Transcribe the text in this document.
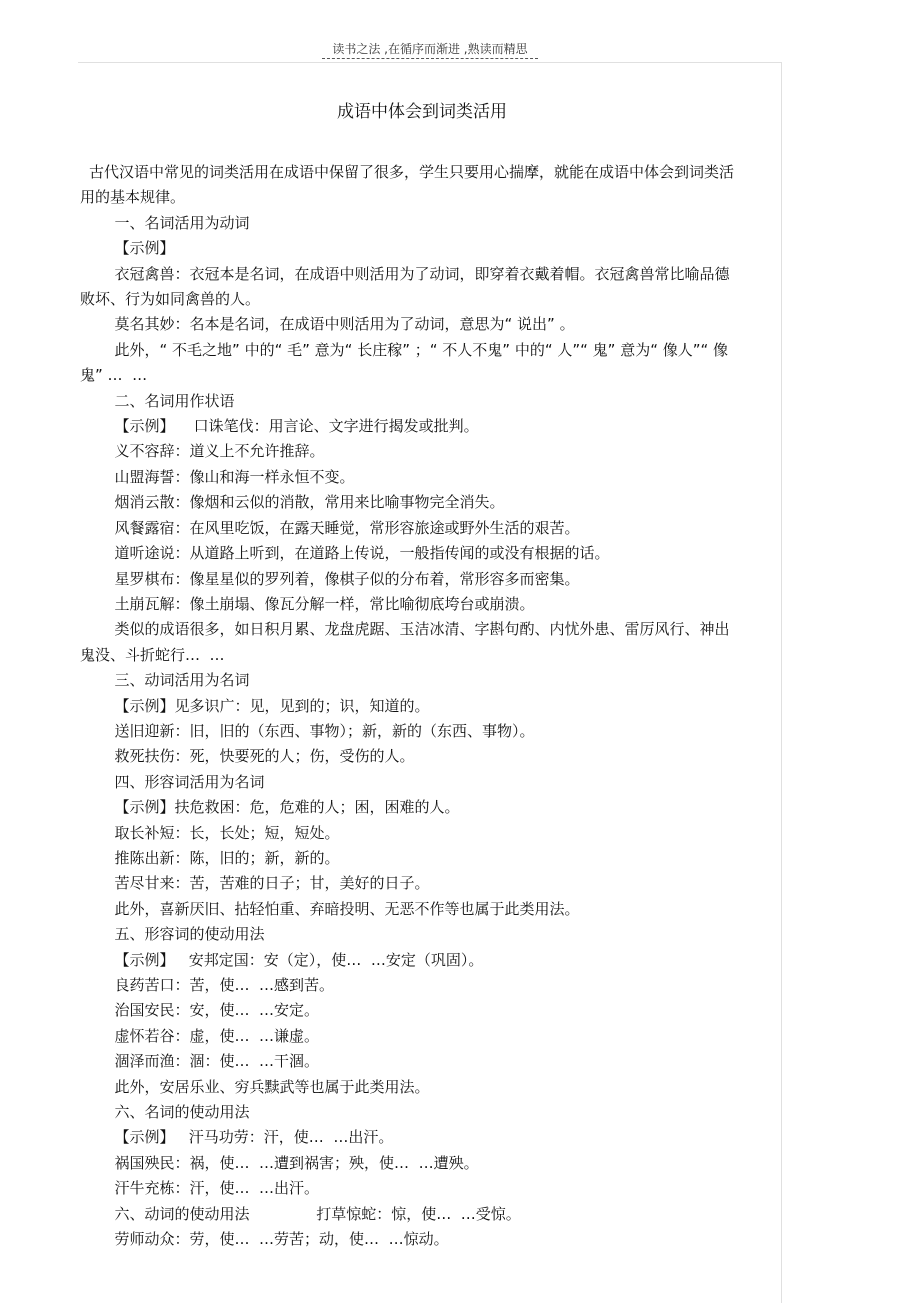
读书之法 ,在循序而渐进 ,熟读而精思
成语中体会到词类活用

古代汉语中常见的词类活用在成语中保留了很多，学生只要用心揣摩，就能在成语中体会到词类活用的基本规律。

一、名词活用为动词

【示例】

衣冠禽兽：衣冠本是名词，在成语中则活用为了动词，即穿着衣戴着帽。衣冠禽兽常比喻品德败坏、行为如同禽兽的人。

莫名其妙：名本是名词，在成语中则活用为了动词，意思为“ 说出” 。

此外，“ 不毛之地” 中的“ 毛” 意为“ 长庄稼” ；“ 不人不鬼” 中的“ 人”“ 鬼” 意为“ 像人”“ 像鬼” …  …

二、名词用作状语

【示例】    口诛笔伐：用言论、文字进行揭发或批判。

义不容辞：道义上不允许推辞。

山盟海誓：像山和海一样永恒不变。

烟消云散：像烟和云似的消散，常用来比喻事物完全消失。

风餐露宿：在风里吃饭，在露天睡觉，常形容旅途或野外生活的艰苦。

道听途说：从道路上听到，在道路上传说，一般指传闻的或没有根据的话。

星罗棋布：像星星似的罗列着，像棋子似的分布着，常形容多而密集。

土崩瓦解：像土崩塌、像瓦分解一样，常比喻彻底垮台或崩溃。

类似的成语很多，如日积月累、龙盘虎踞、玉洁冰清、字斟句酌、内忧外患、雷厉风行、神出鬼没、斗折蛇行…  …

三、动词活用为名词

【示例】见多识广：见，见到的；识，知道的。

送旧迎新：旧，旧的（东西、事物）；新，新的（东西、事物）。

救死扶伤：死，快要死的人；伤，受伤的人。

四、形容词活用为名词

【示例】扶危救困：危，危难的人；困，困难的人。

取长补短：长，长处；短，短处。

推陈出新：陈，旧的；新，新的。

苦尽甘来：苦，苦难的日子；甘，美好的日子。

此外，喜新厌旧、拈轻怕重、弃暗投明、无恶不作等也属于此类用法。

五、形容词的使动用法

【示例】   安邦定国：安（定），使…  …安定（巩固）。

良药苦口：苦，使…  …感到苦。

治国安民：安，使…  …安定。

虚怀若谷：虚，使…  …谦虚。

涸泽而渔：涸：使…  …干涸。

此外，安居乐业、穷兵黩武等也属于此类用法。

六、名词的使动用法

【示例】   汗马功劳：汗，使…  …出汗。

祸国殃民：祸，使…  …遭到祸害；殃，使…  …遭殃。

汗牛充栋：汗，使…  …出汗。

六、动词的使动用法              打草惊蛇：惊，使…  …受惊。

劳师动众：劳，使…  …劳苦；动，使…  …惊动。
